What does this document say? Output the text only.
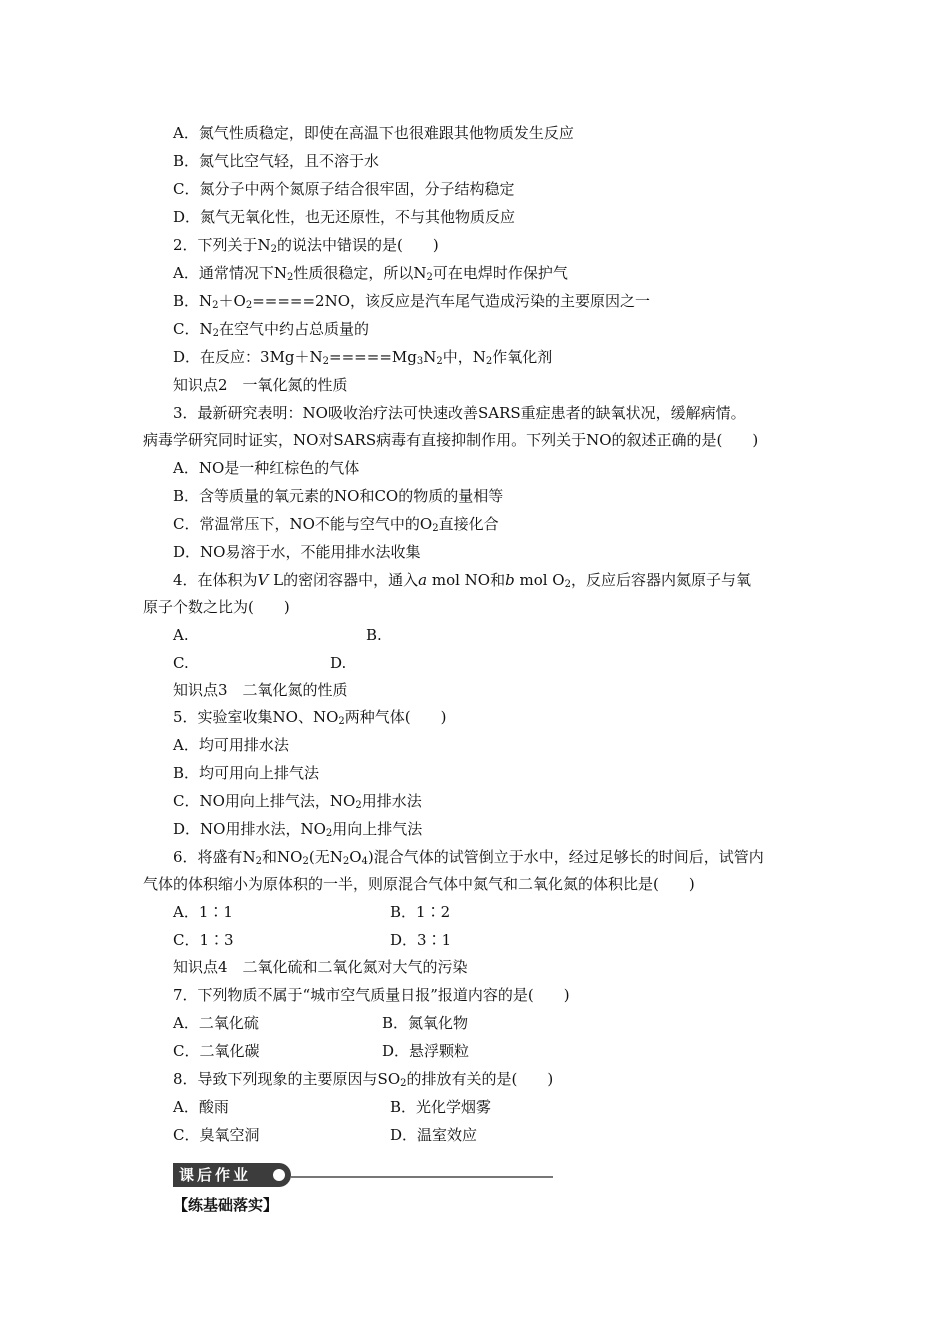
A．氮气性质稳定，即使在高温下也很难跟其他物质发生反应
B．氮气比空气轻，且不溶于水
C．氮分子中两个氮原子结合很牢固，分子结构稳定
D．氮气无氧化性，也无还原性，不与其他物质反应
2．下列关于$N_2$的说法中错误的是(　　)
A．通常情况下$N_2$性质很稳定，所以$N_2$可在电焊时作保护气
B．$N_2+O_2=====2NO$，该反应是汽车尾气造成污染的主要原因之一
C．$N_2$在空气中约占总质量的
D．在反应：$3Mg+N_2=====Mg_3N_2$中，$N_2$作氧化剂
知识点2　一氧化氮的性质
3．最新研究表明：NO吸收治疗法可快速改善SARS重症患者的缺氧状况，缓解病情。
病毒学研究同时证实，NO对SARS病毒有直接抑制作用。下列关于NO的叙述正确的是(　　)
A．NO是一种红棕色的气体
B．含等质量的氧元素的NO和CO的物质的量相等
C．常温常压下，NO不能与空气中的$O_2$直接化合
D．NO易溶于水，不能用排水法收集
4．在体积为V L的密闭容器中，通入a mol NO和b mol $O_2$，反应后容器内氮原子与氧
原子个数之比为(　　)
A.	B.
C.	D.
知识点3　二氧化氮的性质
5．实验室收集NO、$NO_2$两种气体(　　)
A．均可用排水法
B．均可用向上排气法
C．NO用向上排气法，$NO_2$用排水法
D．NO用排水法，$NO_2$用向上排气法
6．将盛有$N_2$和$NO_2$(无$N_2O_4$)混合气体的试管倒立于水中，经过足够长的时间后，试管内
气体的体积缩小为原体积的一半，则原混合气体中氮气和二氧化氮的体积比是(　　)
A．1∶1	B．1∶2
C．1∶3	D．3∶1
知识点4　二氧化硫和二氧化氮对大气的污染
7．下列物质不属于“城市空气质量日报”报道内容的是(　　)
A．二氧化硫	B．氮氧化物
C．二氧化碳	D．悬浮颗粒
8．导致下列现象的主要原因与$SO_2$的排放有关的是(　　)
A．酸雨	B．光化学烟雾
C．臭氧空洞	D．温室效应
课后作业
【练基础落实】
